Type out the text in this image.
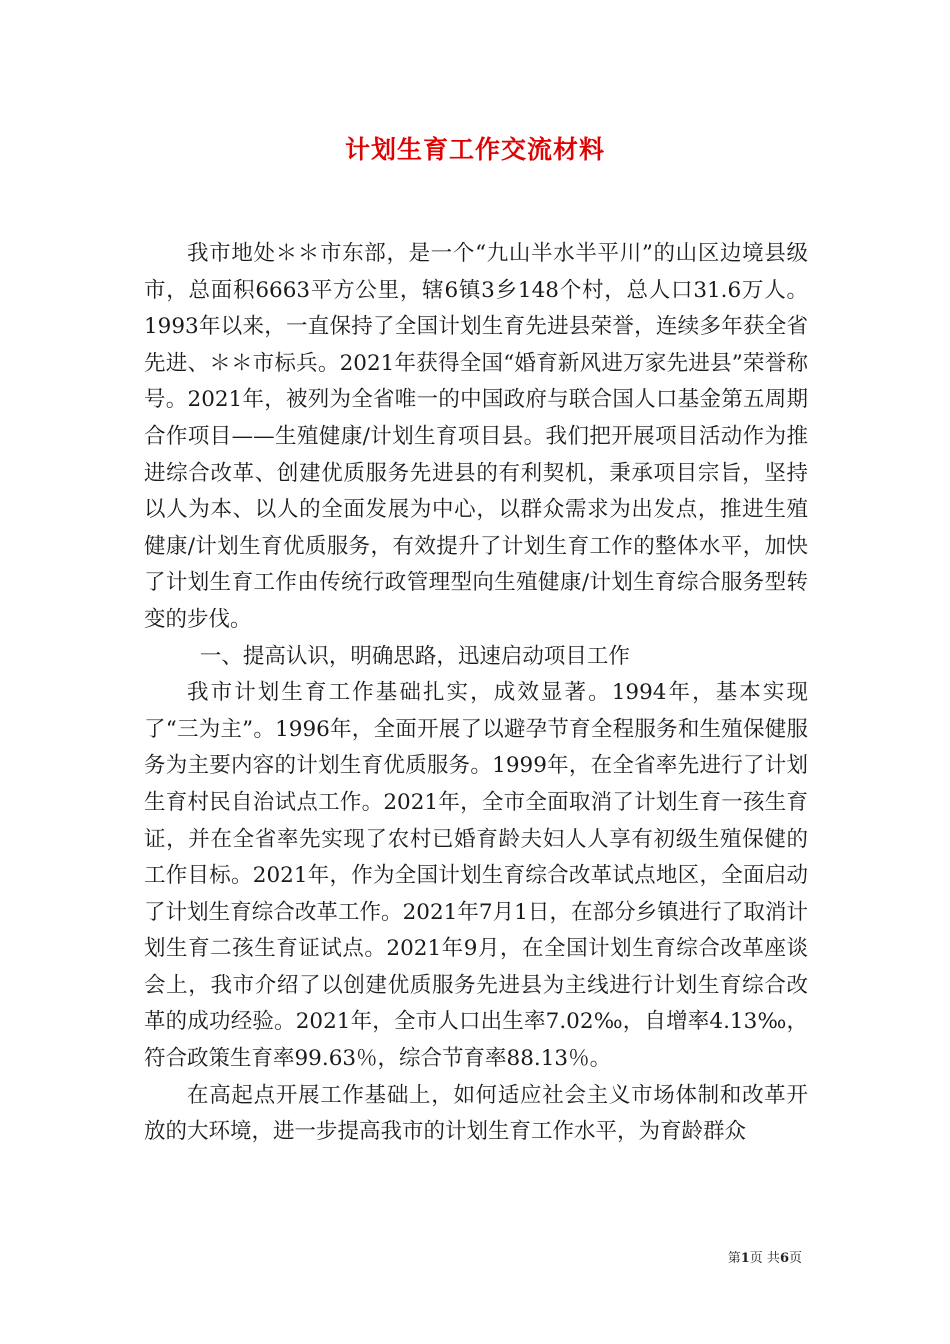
计划生育工作交流材料

我市地处＊＊市东部，是一个“九山半水半平川”的山区边境县级市，总面积6663平方公里，辖6镇3乡148个村，总人口31.6万人。1993年以来，一直保持了全国计划生育先进县荣誉，连续多年获全省先进、＊＊市标兵。2021年获得全国“婚育新风进万家先进县”荣誉称号。2021年，被列为全省唯一的中国政府与联合国人口基金第五周期合作项目——生殖健康/计划生育项目县。我们把开展项目活动作为推进综合改革、创建优质服务先进县的有利契机，秉承项目宗旨，坚持以人为本、以人的全面发展为中心，以群众需求为出发点，推进生殖健康/计划生育优质服务，有效提升了计划生育工作的整体水平，加快了计划生育工作由传统行政管理型向生殖健康/计划生育综合服务型转变的步伐。

一、提高认识，明确思路，迅速启动项目工作

我市计划生育工作基础扎实，成效显著。1994年，基本实现了“三为主”。1996年，全面开展了以避孕节育全程服务和生殖保健服务为主要内容的计划生育优质服务。1999年，在全省率先进行了计划生育村民自治试点工作。2021年，全市全面取消了计划生育一孩生育证，并在全省率先实现了农村已婚育龄夫妇人人享有初级生殖保健的工作目标。2021年，作为全国计划生育综合改革试点地区，全面启动了计划生育综合改革工作。2021年7月1日，在部分乡镇进行了取消计划生育二孩生育证试点。2021年9月，在全国计划生育综合改革座谈会上，我市介绍了以创建优质服务先进县为主线进行计划生育综合改革的成功经验。2021年，全市人口出生率7.02‰，自增率4.13‰，符合政策生育率99.63％，综合节育率88.13％。

在高起点开展工作基础上，如何适应社会主义市场体制和改革开放的大环境，进一步提高我市的计划生育工作水平，为育龄群众

第1页 共6页
